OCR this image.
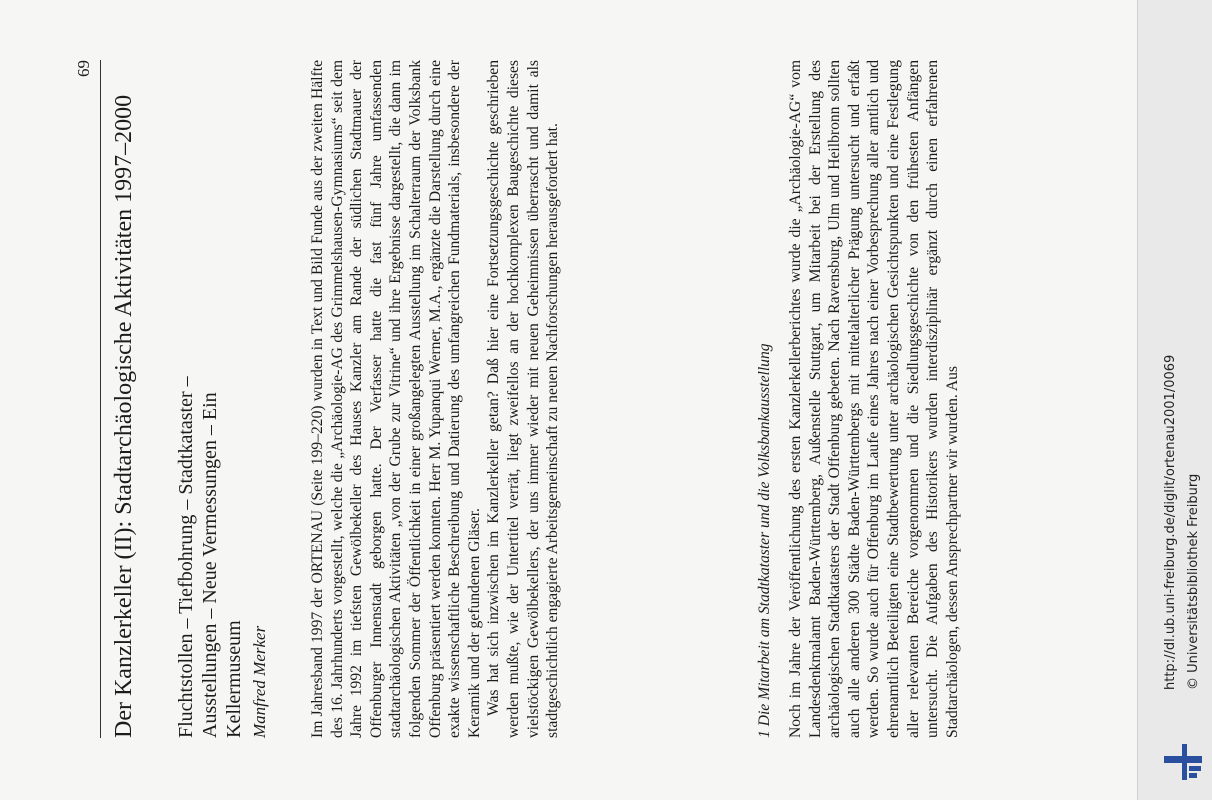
69

Der Kanzlerkeller (II): Stadtarchäologische Aktivitäten 1997–2000 Fluchtstollen – Tiefbohrung – Stadtkataster – Ausstellungen – Neue Vermessungen – Ein Kellermuseum Manfred Merker	Im Jahresband 1997 der ORTENAU (Seite 199–220) wurden in Text und Bild Funde aus der zweiten Hälfte des 16. Jahrhunderts vorgestellt, welche die „Archäologie-AG des Grimmelshausen-Gymnasiums“ seit dem Jahre 1992 im tiefsten Gewölbekeller des Hauses Kanzler am Rande der südlichen Stadtmauer der Offenburger Innenstadt geborgen hatte. Der Verfasser hatte die fast fünf Jahre umfassenden stadtarchäologischen Aktivitäten „von der Grube zur Vitrine“ und ihre Ergebnisse dargestellt, die dann im folgenden Sommer der Öffentlichkeit in einer großangelegten Ausstellung im Schalterraum der Volksbank Offenburg präsentiert werden konnten. Herr M. Yupanqui Werner, M.A., ergänzte die Darstellung durch eine exakte wissenschaftliche Beschreibung und Datierung des umfangreichen Fundmaterials, insbesondere der Keramik und der gefundenen Gläser. Was hat sich inzwischen im Kanzlerkeller getan? Daß hier eine Fortsetzungsgeschichte geschrieben werden mußte, wie der Untertitel verrät, liegt zweifellos an der hochkomplexen Baugeschichte dieses vielstöckigen Gewölbekellers, der uns immer wieder mit neuen Geheimnissen überrascht und damit als stadtgeschichtlich engagierte Arbeitsgemeinschaft zu neuen Nachforschungen herausgefordert hat.	1 Die Mitarbeit am Stadtkataster und die Volksbankausstellung Noch im Jahre der Veröffentlichung des ersten Kanzlerkellerberichtes wurde die „Archäologie-AG“ vom Landesdenkmalamt Baden-Württemberg, Außenstelle Stuttgart, um Mitarbeit bei der Erstellung des archäologischen Stadtkatasters der Stadt Offenburg gebeten. Nach Ravensburg, Ulm und Heilbronn sollten auch alle anderen 300 Städte Baden-Württembergs mit mittelalterlicher Prägung untersucht und erfaßt werden. So wurde auch für Offenburg im Laufe eines Jahres nach einer Vorbesprechung aller amtlich und ehrenamtlich Beteiligten eine Stadtbewertung unter archäologischen Gesichtspunkten und eine Festlegung aller relevanten Bereiche vorgenommen und die Siedlungsgeschichte von den frühesten Anfängen untersucht. Die Aufgaben des Historikers wurden interdisziplinär ergänzt durch einen erfahrenen Stadtarchäologen, dessen Ansprechpartner wir wurden. Aus	http://dl.ub.uni-freiburg.de/diglit/ortenau2001/0069 © Universitätsbibliothek Freiburg
